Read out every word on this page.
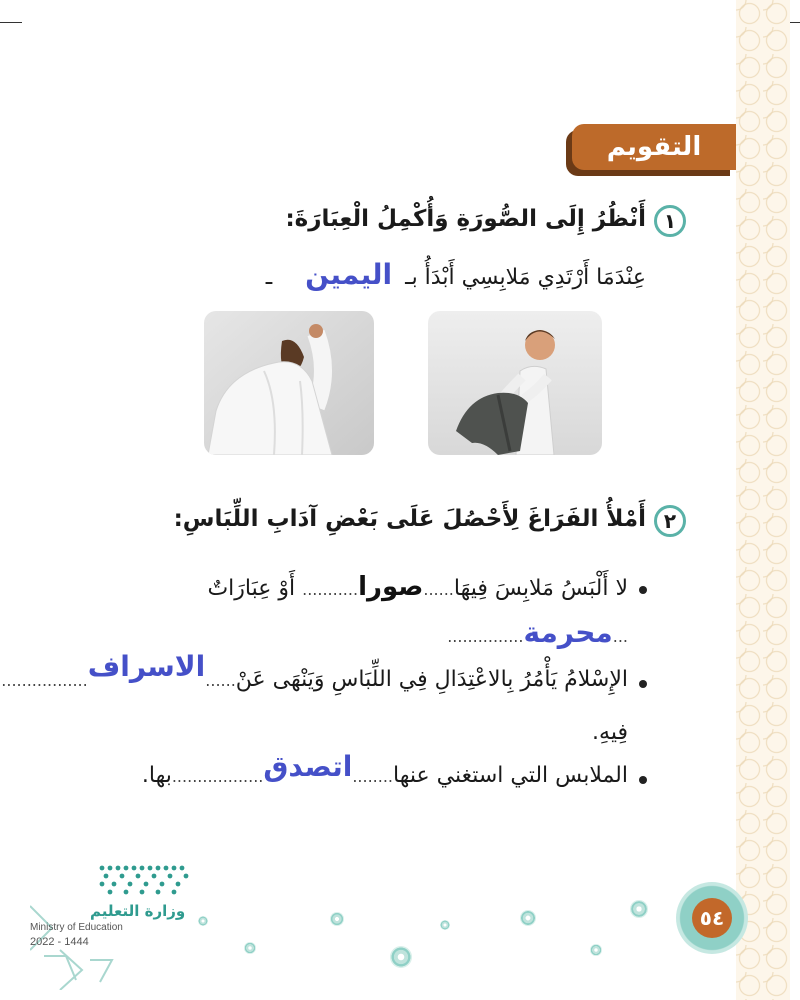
التقويم
١
أَنْظُرُ إِلَى الصُّورَةِ وَأُكْمِلُ الْعِبَارَةَ:
عِنْدَمَا أَرْتَدِي مَلابِسِي أَبْدَأُ بـ اليمين ـ
٢
أَمْلأُ الفَرَاغَ لِأَحْصُلَ عَلَى بَعْضِ آدَابِ اللِّبَاسِ:
لا أَلْبَسُ مَلابِسَ فِيهَا......صورا........... أَوْ عِبَارَاتٌ
...محرمة...............
الإِسْلامُ يَأْمُرُ بِالاعْتِدَالِ فِي اللِّبَاسِ وَيَنْهَى عَنْ......الاسراف.................
فِيهِ.
الملابس التي استغني عنها........اتصدق..................بها.
٥٤
وزارة التعليم
Ministry of Education
2022 - 1444
